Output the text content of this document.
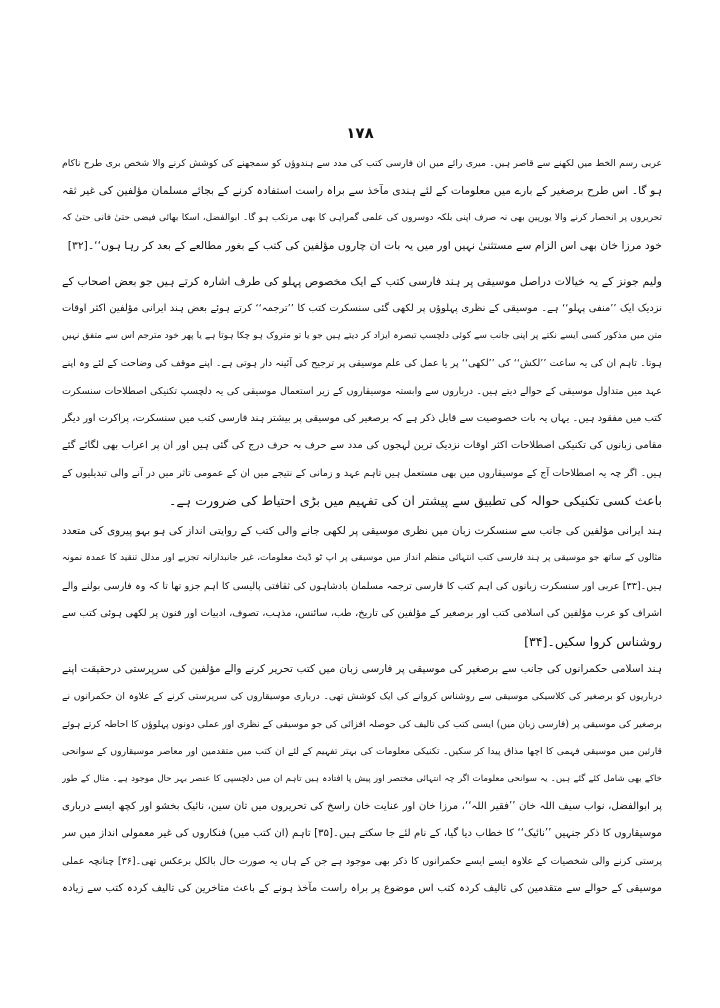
۱۷۸
عربی رسم الخط میں لکھنے سے قاصر ہیں۔ میری رائے میں ان فارسی کتب کی مدد سے ہندوؤں کو سمجھنے کی کوشش کرنے والا شخص بری طرح ناکام
ہو گا۔ اس طرح برصغیر کے بارے میں معلومات کے لئے ہندی مآخذ سے براہ راست استفادہ کرنے کے بجائے مسلمان مؤلفین کی غیر ثقہ
تحریروں پر انحصار کرنے والا یورپین بھی نہ صرف اپنی بلکہ دوسروں کی علمی گمراہی کا بھی مرتکب ہو گا۔ ابوالفضل، اسکا بھائی فیضی حتیٰ فانی حتیٰ کہ
خود مرزا خان بھی اس الزام سے مستثنیٰ نہیں اور میں یہ بات ان چاروں مؤلفین کی کتب کے بغور مطالعے کے بعد کر رہا ہوں‘‘۔[۳۲]
ولیم جونز کے یہ خیالات دراصل موسیقی پر ہند فارسی کتب کے ایک مخصوص پہلو کی طرف اشارہ کرتے ہیں جو بعض اصحاب کے
نزدیک ایک ’’منفی پہلو‘‘ ہے۔ موسیقی کے نظری پہلوؤں پر لکھی گئی سنسکرت کتب کا ’’ترجمہ‘‘ کرتے ہوئے بعض ہند ایرانی مؤلفین اکثر اوقات
متن میں مذکور کسی ایسے نکتے پر اپنی جانب سے کوئی دلچسپ تبصرہ ایزاد کر دیتے ہیں جو یا تو متروک ہو چکا ہوتا ہے یا پھر خود مترجم اس سے متفق نہیں
ہوتا۔ تاہم ان کی یہ ساعت ’’لکش‘‘ کی ’’لکھی‘‘ پر یا عمل کی علم موسیقی پر ترجیح کی آئینہ دار ہوتی ہے۔ اپنے موقف کی وضاحت کے لئے وہ اپنے
عہد میں متداول موسیقی کے حوالے دیتے ہیں۔ درباروں سے وابستہ موسیقاروں کے زیر استعمال موسیقی کی یہ دلچسپ تکنیکی اصطلاحات سنسکرت
کتب میں مفقود ہیں۔ یہاں یہ بات خصوصیت سے قابل ذکر ہے کہ برصغیر کی موسیقی پر بیشتر ہند فارسی کتب میں سنسکرت، پراکرت اور دیگر
مقامی زبانوں کی تکنیکی اصطلاحات اکثر اوقات نزدیک ترین لہجوں کی مدد سے حرف بہ حرف درج کی گئی ہیں اور ان پر اعراب بھی لگائے گئے
ہیں۔ اگر چہ یہ اصطلاحات آج کے موسیقاروں میں بھی مستعمل ہیں تاہم عہد و زمانی کے نتیجے میں ان کے عمومی تاثر میں در آنے والی تبدیلیوں کے
باعث کسی تکنیکی حوالہ کی تطبیق سے پیشتر ان کی تفہیم میں بڑی احتیاط کی ضرورت ہے۔
ہند ایرانی مؤلفین کی جانب سے سنسکرت زبان میں نظری موسیقی پر لکھی جانے والی کتب کے روایتی انداز کی ہو بہو پیروی کی متعدد
مثالوں کے ساتھ جو موسیقی پر ہند فارسی کتب انتہائی منظم انداز میں موسیقی پر اپ ٹو ڈیٹ معلومات، غیر جانبدارانہ تجزیے اور مدلل تنقید کا عمدہ نمونہ
ہیں۔[۳۳] عربی اور سنسکرت زبانوں کی اہم کتب کا فارسی ترجمہ مسلمان بادشاہوں کی ثقافتی پالیسی کا اہم جزو تھا تا کہ وہ فارسی بولنے والے
اشراف کو عرب مؤلفین کی اسلامی کتب اور برصغیر کے مؤلفین کی تاریخ، طب، سائنس، مذہب، تصوف، ادبیات اور فنون پر لکھی ہوئی کتب سے
روشناس کروا سکیں۔[۳۴]
ہند اسلامی حکمرانوں کی جانب سے برصغیر کی موسیقی پر فارسی زبان میں کتب تحریر کرنے والے مؤلفین کی سرپرستی درحقیقت اپنے
درباریوں کو برصغیر کی کلاسیکی موسیقی سے روشناس کروانے کی ایک کوشش تھی۔ درباری موسیقاروں کی سرپرستی کرنے کے علاوہ ان حکمرانوں نے
برصغیر کی موسیقی پر (فارسی زبان میں) ایسی کتب کی تالیف کی حوصلہ افزائی کی جو موسیقی کے نظری اور عملی دونوں پہلوؤں کا احاطہ کرتے ہوئے
قارئین میں موسیقی فہمی کا اچھا مذاق پیدا کر سکیں۔ تکنیکی معلومات کی بہتر تفہیم کے لئے ان کتب میں متقدمین اور معاصر موسیقاروں کے سوانحی
خاکے بھی شامل کئے گئے ہیں۔ یہ سوانحی معلومات اگر چہ انتہائی مختصر اور پیش پا افتادہ ہیں تاہم ان میں دلچسپی کا عنصر بہر حال موجود ہے۔ مثال کے طور
پر ابوالفضل، نواب سیف اللہ خان ’’فقیر اللہ‘‘، مرزا خان اور عنایت خان راسخ کی تحریروں میں تان سین، نائیک بخشو اور کچھ ایسے درباری
موسیقاروں کا ذکر جنہیں ’’نائیک‘‘ کا خطاب دیا گیا، کے نام لئے جا سکتے ہیں۔[۳۵] تاہم (ان کتب میں) فنکاروں کی غیر معمولی انداز میں سر
پرستی کرنے والی شخصیات کے علاوہ ایسے ایسے حکمرانوں کا ذکر بھی موجود ہے جن کے ہاں یہ صورت حال بالکل برعکس تھی۔[۳۶] چنانچہ عملی
موسیقی کے حوالے سے متقدمین کی تالیف کردہ کتب اس موضوع پر براہ راست مآخذ ہونے کے باعث متاخرین کی تالیف کردہ کتب سے زیادہ
